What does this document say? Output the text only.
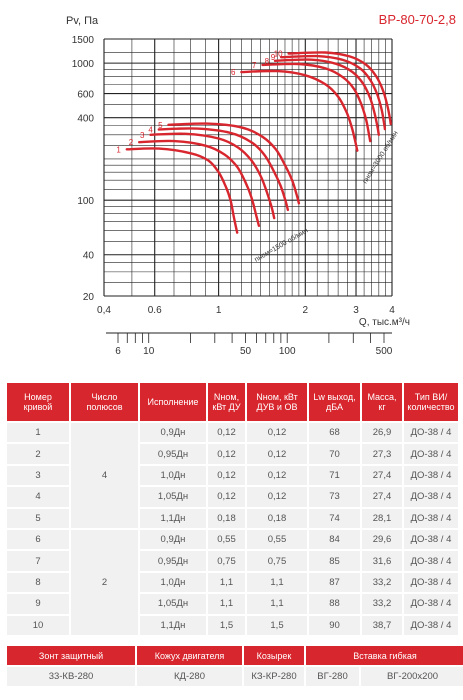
0,4	0.6	1	2	3	4
1500
1000
600
400
100
40
20
6 10	50	100	500
1
2
3
4
5
6
7 8 9
10
ВР-80-70-2,8
Pv, Па
Q, тыс.м³/ч
nном=1500 об/мин
nном=3000 об/мин
Номер кривой	Число полюсов	Исполнение	Nном, кВт ДУ	Nном, кВт ДУВ и ОВ	Lw выход, дБА	Масса, кг	Тип ВИ/ количество
1	4	0,9Дн	0,12	0,12	68	26,9	ДО-38 / 4
2		0,95Дн	0,12	0,12	70	27,3	ДО-38 / 4
3		1,0Дн	0,12	0,12	71	27,4	ДО-38 / 4
4		1,05Дн	0,12	0,12	73	27,4	ДО-38 / 4
5		1,1Дн	0,18	0,18	74	28,1	ДО-38 / 4
6	2	0,9Дн	0,55	0,55	84	29,6	ДО-38 / 4
7		0,95Дн	0,75	0,75	85	31,6	ДО-38 / 4
8		1,0Дн	1,1	1,1	87	33,2	ДО-38 / 4
9		1,05Дн	1,1	1,1	88	33,2	ДО-38 / 4
10		1,1Дн	1,5	1,5	90	38,7	ДО-38 / 4
Зонт защитный	Кожух двигателя	Козырек	Вставка гибкая	
33-КВ-280	КД-280	КЗ-КР-280	ВГ-280	ВГ-200х200
